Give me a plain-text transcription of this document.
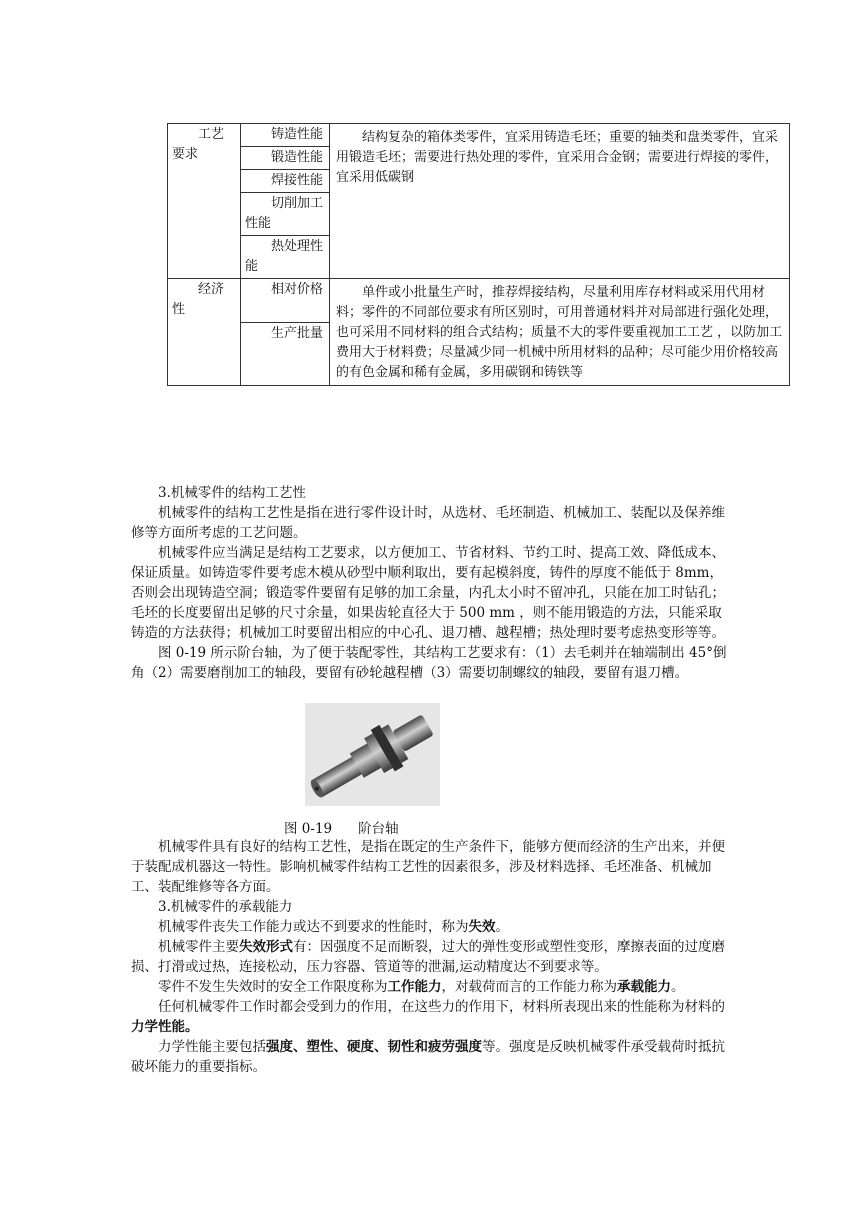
工艺要求	铸造性能	结构复杂的箱体类零件，宜采用铸造毛坯；重要的轴类和盘类零件，宜采用锻造毛坯；需要进行热处理的零件，宜采用合金钢；需要进行焊接的零件，宜采用低碳钢

	锻造性能	

	焊接性能	

	切削加工性能	

	热处理性能	

经济性	相对价格	单件或小批量生产时，推荐焊接结构，尽量利用库存材料或采用代用材料；零件的不同部位要求有所区别时，可用普通材料并对局部进行强化处理，也可采用不同材料的组合式结构；质量不大的零件要重视加工工艺 ，以防加工费用大于材料费；尽量减少同一机械中所用材料的品种；尽可能少用价格较高的有色金属和稀有金属，多用碳钢和铸铁等

	生产批量	

3.机械零件的结构工艺性

机械零件的结构工艺性是指在进行零件设计时，从选材、毛坯制造、机械加工、装配以及保养维修等方面所考虑的工艺问题。

机械零件应当满足是结构工艺要求，以方便加工、节省材料、节约工时、提高工效、降低成本、保证质量。如铸造零件要考虑木模从砂型中顺利取出，要有起模斜度，铸件的厚度不能低于 8mm，否则会出现铸造空洞；锻造零件要留有足够的加工余量，内孔太小时不留冲孔，只能在加工时钻孔；毛坯的长度要留出足够的尺寸余量，如果齿轮直径大于 500 mm ，则不能用锻造的方法，只能采取铸造的方法获得；机械加工时要留出相应的中心孔、退刀槽、越程槽；热处理时要考虑热变形等等。

图 0-19 所示阶台轴，为了便于装配零性，其结构工艺要求有：（1）去毛刺并在轴端制出 45°倒角（2）需要磨削加工的轴段，要留有砂轮越程槽（3）需要切制螺纹的轴段，要留有退刀槽。

图 0-19 阶台轴

机械零件具有良好的结构工艺性，是指在既定的生产条件下，能够方便而经济的生产出来，并便于装配成机器这一特性。影响机械零件结构工艺性的因素很多，涉及材料选择、毛坯准备、机械加工、装配维修等各方面。

3.机械零件的承载能力

机械零件丧失工作能力或达不到要求的性能时，称为失效。

机械零件主要失效形式有：因强度不足而断裂，过大的弹性变形或塑性变形，摩擦表面的过度磨损、打滑或过热，连接松动，压力容器、管道等的泄漏,运动精度达不到要求等。

零件不发生失效时的安全工作限度称为工作能力，对载荷而言的工作能力称为承载能力。

任何机械零件工作时都会受到力的作用，在这些力的作用下，材料所表现出来的性能称为材料的力学性能。

力学性能主要包括强度、塑性、硬度、韧性和疲劳强度等。强度是反映机械零件承受载荷时抵抗破坏能力的重要指标。
